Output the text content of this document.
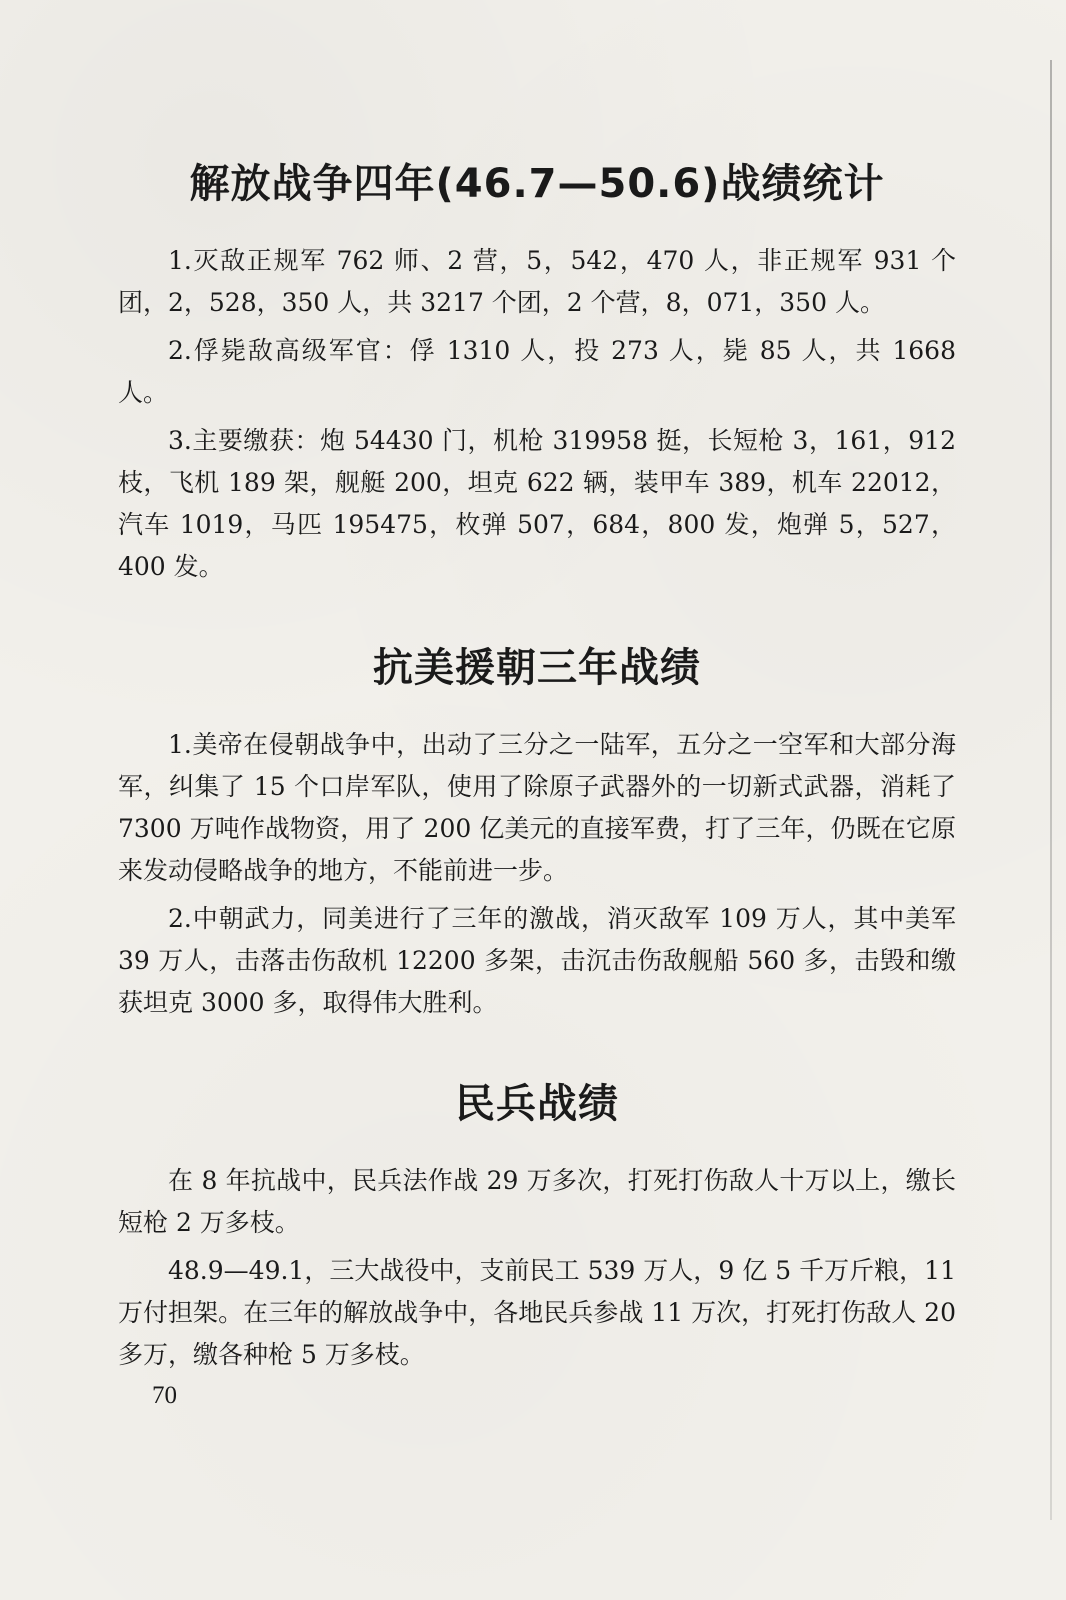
解放战争四年(46.7—50.6)战绩统计

1.灭敌正规军 762 师、2 营，5，542，470 人，非正规军 931 个团，2，528，350 人，共 3217 个团，2 个营，8，071，350 人。

2.俘毙敌高级军官：俘 1310 人，投 273 人，毙 85 人，共 1668 人。

3.主要缴获：炮 54430 门，机枪 319958 挺，长短枪 3，161，912 枝，飞机 189 架，舰艇 200，坦克 622 辆，装甲车 389，机车 22012，汽车 1019，马匹 195475，枚弹 507，684，800 发，炮弹 5，527，400 发。

抗美援朝三年战绩

1.美帝在侵朝战争中，出动了三分之一陆军，五分之一空军和大部分海军，纠集了 15 个口岸军队，使用了除原子武器外的一切新式武器，消耗了 7300 万吨作战物资，用了 200 亿美元的直接军费，打了三年，仍既在它原来发动侵略战争的地方，不能前进一步。

2.中朝武力，同美进行了三年的激战，消灭敌军 109 万人，其中美军 39 万人，击落击伤敌机 12200 多架，击沉击伤敌舰船 560 多，击毁和缴获坦克 3000 多，取得伟大胜利。

民兵战绩

在 8 年抗战中，民兵法作战 29 万多次，打死打伤敌人十万以上，缴长短枪 2 万多枝。

48.9—49.1，三大战役中，支前民工 539 万人，9 亿 5 千万斤粮，11 万付担架。在三年的解放战争中，各地民兵参战 11 万次，打死打伤敌人 20 多万，缴各种枪 5 万多枝。

70
